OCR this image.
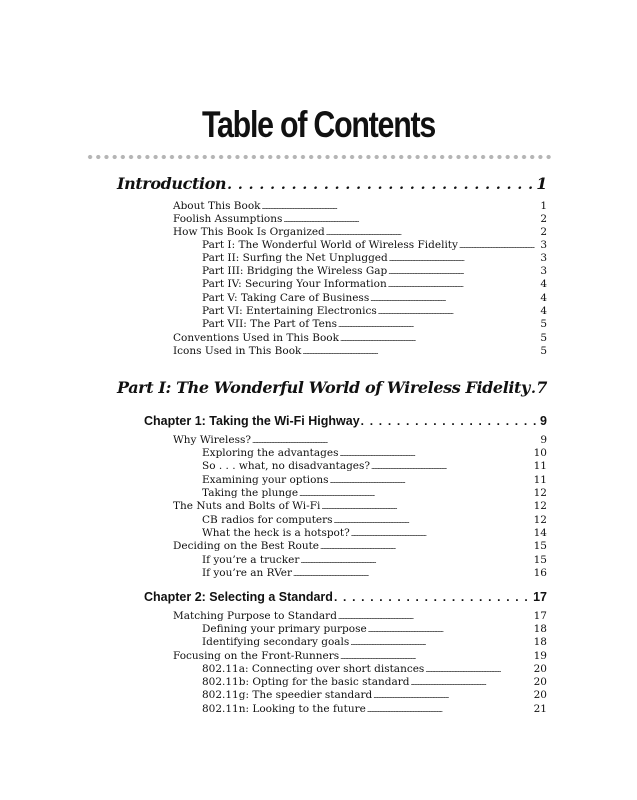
Table of Contents
Introduction . . .	1
About This Book . . .	1
Foolish Assumptions . . .	2
How This Book Is Organized . . .	2
Part I: The Wonderful World of Wireless Fidelity . . .	3
Part II: Surfing the Net Unplugged . . .	3
Part III: Bridging the Wireless Gap . . .	3
Part IV: Securing Your Information . . .	4
Part V: Taking Care of Business . . .	4
Part VI: Entertaining Electronics . . .	4
Part VII: The Part of Tens . . .	5
Conventions Used in This Book . . .	5
Icons Used in This Book . . .	5
Part I: The Wonderful World of Wireless Fidelity . . . 7
Chapter 1: Taking the Wi-Fi Highway . . .	9
Why Wireless? . . .	9
Exploring the advantages . . .	10
So . . . what, no disadvantages? . . .	11
Examining your options . . .	11
Taking the plunge . . .	12
The Nuts and Bolts of Wi-Fi . . .	12
CB radios for computers . . .	12
What the heck is a hotspot? . . .	14
Deciding on the Best Route . . .	15
If you’re a trucker . . .	15
If you’re an RVer . . .	16
Chapter 2: Selecting a Standard . . .	17
Matching Purpose to Standard . . .	17
Defining your primary purpose . . .	18
Identifying secondary goals . . .	18
Focusing on the Front-Runners . . .	19
802.11a: Connecting over short distances . . .	20
802.11b: Opting for the basic standard . . .	20
802.11g: The speedier standard . . .	20
802.11n: Looking to the future . . .	21
